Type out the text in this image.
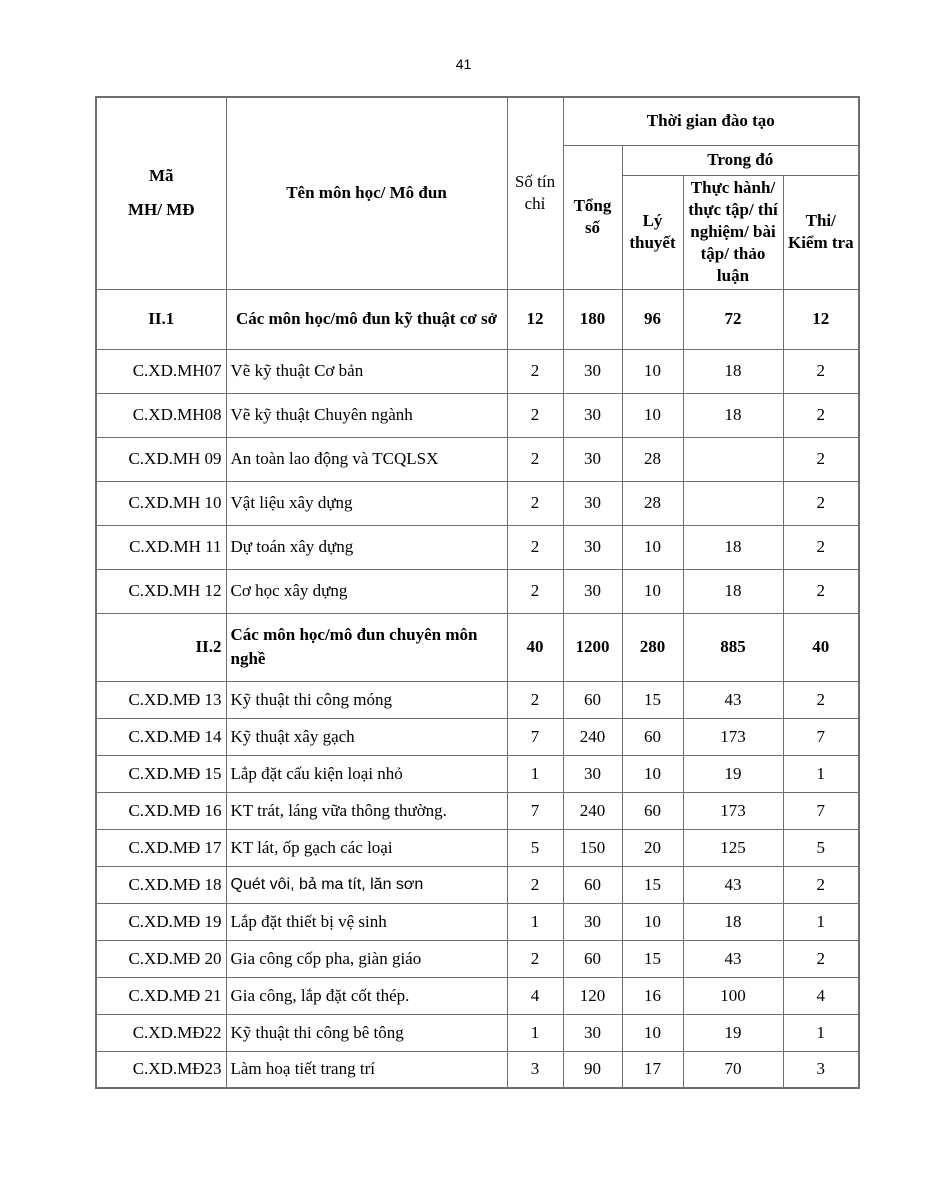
41
Mã
MH/ MĐ	Tên môn học/ Mô đun	Số tín chỉ	Thời gian đào tạo			
			Tổng số	Trong đó		
				Lý thuyết	Thực hành/ thực tập/ thí nghiệm/ bài tập/ thảo luận	Thi/ Kiểm tra
II.1	Các môn học/mô đun kỹ thuật cơ sở	12	180	96	72	12
C.XD.MH07	Vẽ kỹ thuật Cơ bản	2	30	10	18	2
C.XD.MH08	Vẽ kỹ thuật Chuyên ngành	2	30	10	18	2
C.XD.MH 09	An toàn lao động và TCQLSX	2	30	28		2
C.XD.MH 10	Vật liệu xây dựng	2	30	28		2
C.XD.MH 11	Dự toán xây dựng	2	30	10	18	2
C.XD.MH 12	Cơ học xây dựng	2	30	10	18	2
II.2	Các môn học/mô đun chuyên môn nghề	40	1200	280	885	40
C.XD.MĐ 13	Kỹ thuật thi công móng	2	60	15	43	2
C.XD.MĐ 14	Kỹ thuật xây gạch	7	240	60	173	7
C.XD.MĐ 15	Lắp đặt cấu kiện loại nhỏ	1	30	10	19	1
C.XD.MĐ 16	KT trát, láng vữa thông thường.	7	240	60	173	7
C.XD.MĐ 17	KT lát, ốp gạch các loại	5	150	20	125	5
C.XD.MĐ 18	Quét vôi, bả ma tít, lăn sơn	2	60	15	43	2
C.XD.MĐ 19	Lắp đặt thiết bị vệ sinh	1	30	10	18	1
C.XD.MĐ 20	Gia công cốp pha, giàn giáo	2	60	15	43	2
C.XD.MĐ 21	Gia công, lắp đặt cốt thép.	4	120	16	100	4
C.XD.MĐ22	Kỹ thuật thi công bê tông	1	30	10	19	1
C.XD.MĐ23	Làm hoạ tiết trang trí	3	90	17	70	3
